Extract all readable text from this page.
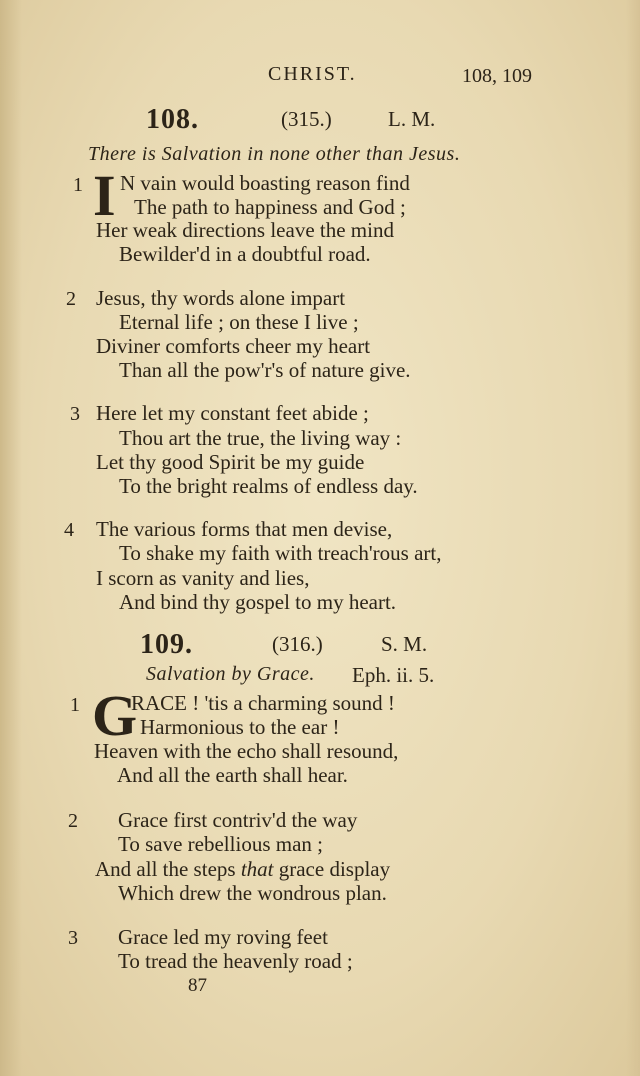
CHRIST.	108, 109
108.	(315.)	L. M.
There is Salvation in none other than Jesus.
1 I N vain would boasting reason find
The path to happiness and God ;
Her weak directions leave the mind
Bewilder'd in a doubtful road.
2 Jesus, thy words alone impart
Eternal life ; on these I live ;
Diviner comforts cheer my heart
Than all the pow'r's of nature give.
3 Here let my constant feet abide ;
Thou art the true, the living way :
Let thy good Spirit be my guide
To the bright realms of endless day.
4 The various forms that men devise,
To shake my faith with treach'rous art,
I scorn as vanity and lies,
And bind thy gospel to my heart.
109.	(316.)	S. M.
Salvation by Grace. Eph. ii. 5.
1 G
RACE ! 'tis a charming sound !
Harmonious to the ear !
Heaven with the echo shall resound,
And all the earth shall hear.
2 Grace first contriv'd the way
To save rebellious man ;
And all the steps that grace display
Which drew the wondrous plan.
3 Grace led my roving feet
To tread the heavenly road ;
87
